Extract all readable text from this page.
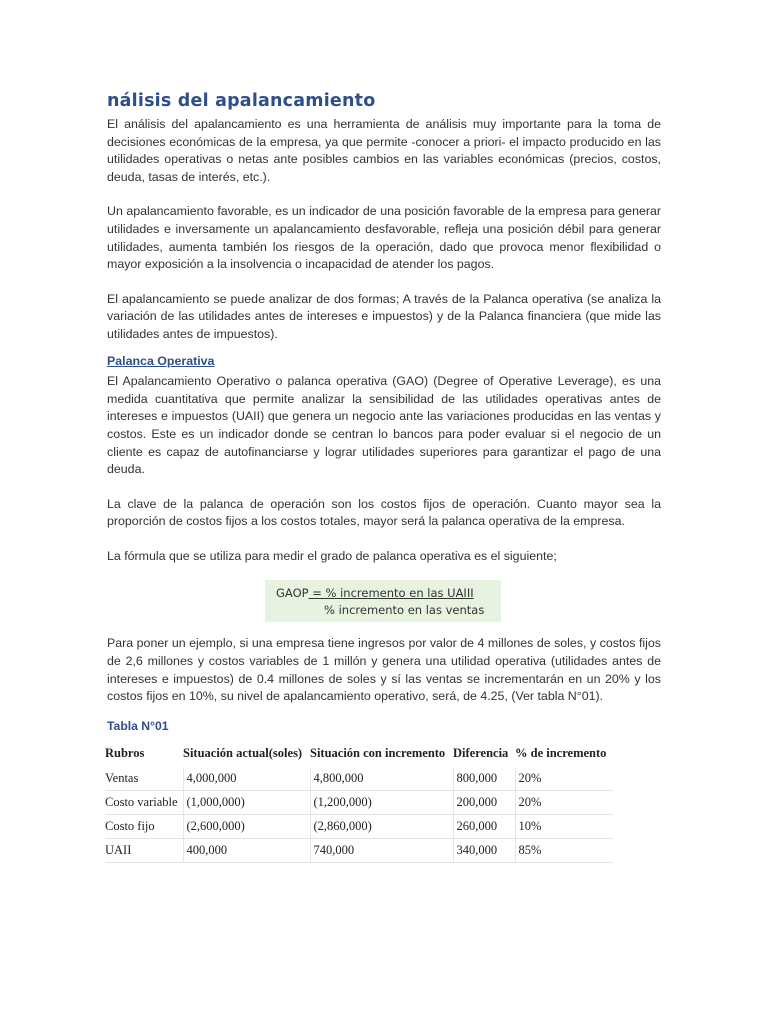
nálisis del apalancamiento

El análisis del apalancamiento es una herramienta de análisis muy importante para la toma de decisiones económicas de la empresa, ya que permite -conocer a priori- el impacto producido en las utilidades operativas o netas ante posibles cambios en las variables económicas (precios, costos, deuda, tasas de interés, etc.).

Un apalancamiento favorable, es un indicador de una posición favorable de la empresa para generar utilidades e inversamente un apalancamiento desfavorable, refleja una posición débil para generar utilidades, aumenta también los riesgos de la operación, dado que provoca menor flexibilidad o mayor exposición a la insolvencia o incapacidad de atender los pagos.

El apalancamiento se puede analizar de dos formas; A través de la Palanca operativa (se analiza la variación de las utilidades antes de intereses e impuestos) y de la Palanca financiera (que mide las utilidades antes de impuestos).

Palanca Operativa

El Apalancamiento Operativo o palanca operativa (GAO) (Degree of Operative Leverage), es una medida cuantitativa que permite analizar la sensibilidad de las utilidades operativas antes de intereses e impuestos (UAII) que genera un negocio ante las variaciones producidas en las ventas y costos. Este es un indicador donde se centran lo bancos para poder evaluar si el negocio de un cliente es capaz de autofinanciarse y lograr utilidades superiores para garantizar el pago de una deuda.

La clave de la palanca de operación son los costos fijos de operación. Cuanto mayor sea la proporción de costos fijos a los costos totales, mayor será la palanca operativa de la empresa.

La fórmula que se utiliza para medir el grado de palanca operativa es el siguiente;

GAOP = % incremento en las UAIII
% incremento en las ventas

Para poner un ejemplo, si una empresa tiene ingresos por valor de 4 millones de soles, y costos fijos de 2,6 millones y costos variables de 1 millón y genera una utilidad operativa (utilidades antes de intereses e impuestos) de 0.4 millones de soles y sí las ventas se incrementarán en un 20% y los costos fijos en 10%, su nivel de apalancamiento operativo, será, de 4.25, (Ver tabla N°01).

Tabla N°01
Rubros	Situación actual(soles)	Situación con incremento	Diferencia	% de incremento
Ventas	4,000,000	4,800,000	800,000	20%
Costo variable	(1,000,000)	(1,200,000)	200,000	20%
Costo fijo	(2,600,000)	(2,860,000)	260,000	10%
UAII	400,000	740,000	340,000	85%
